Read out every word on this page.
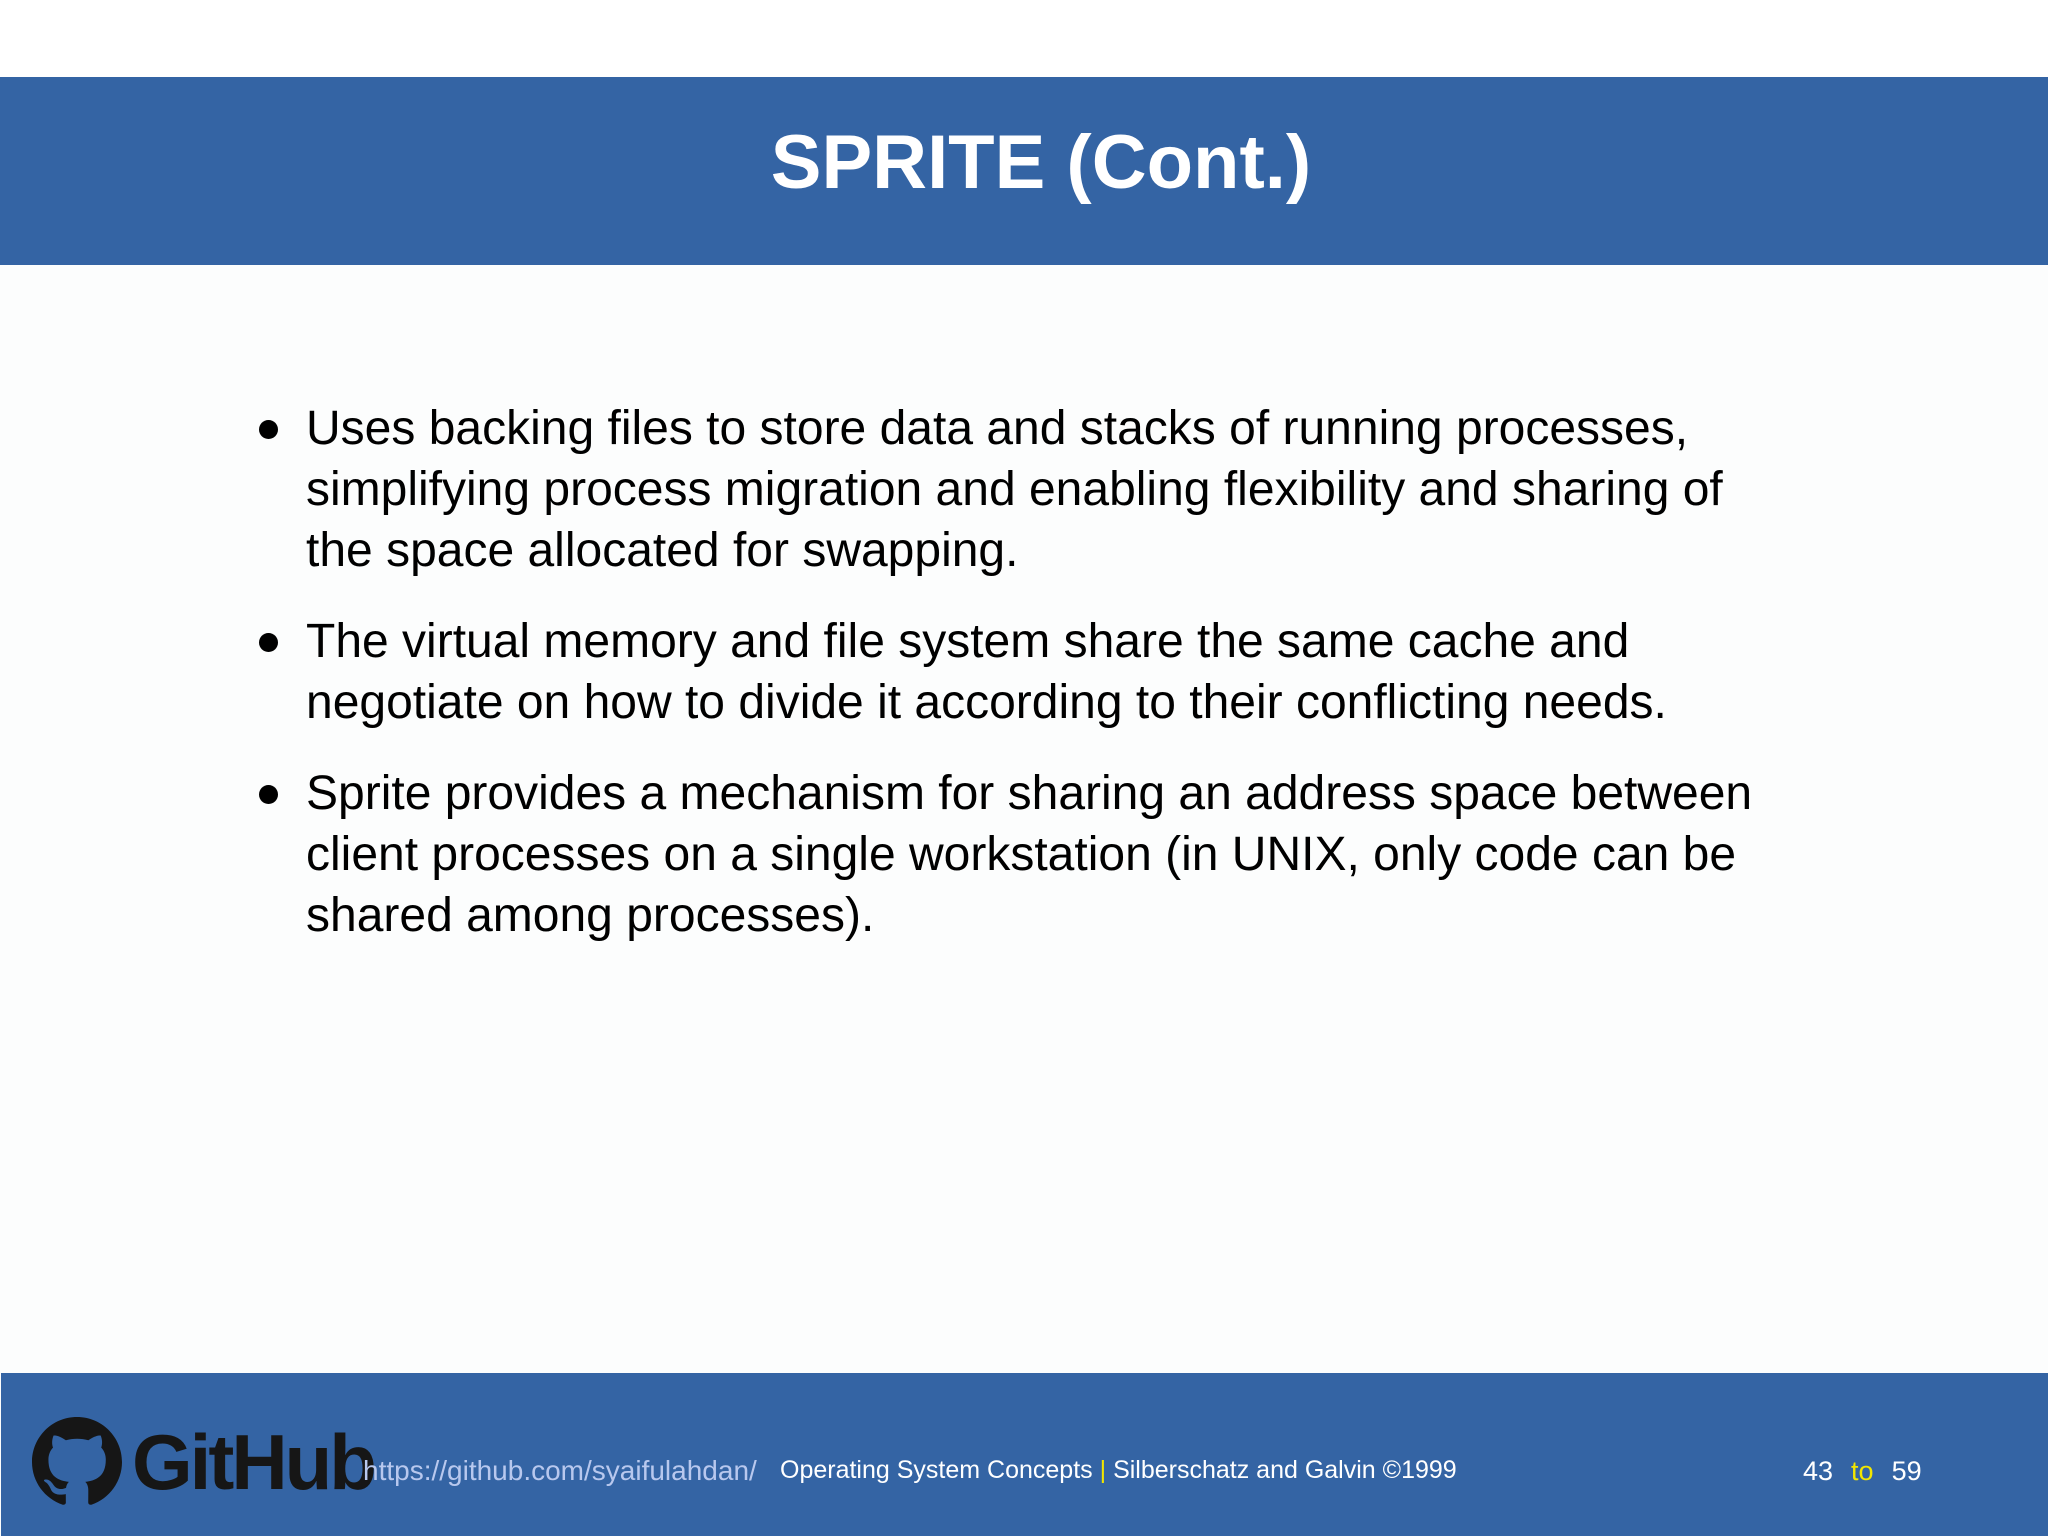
SPRITE (Cont.)
Uses backing files to store data and stacks of running processes, simplifying process migration and enabling flexibility and sharing of the space allocated for swapping.
The virtual memory and file system share the same cache and negotiate on how to divide it according to their conflicting needs.
Sprite provides a mechanism for sharing an address space between client processes on a single workstation (in UNIX, only code can be shared among processes).
GitHub
https://github.com/syaifulahdan/ Operating System Concepts | Silberschatz and Galvin ©1999	43 to 59
